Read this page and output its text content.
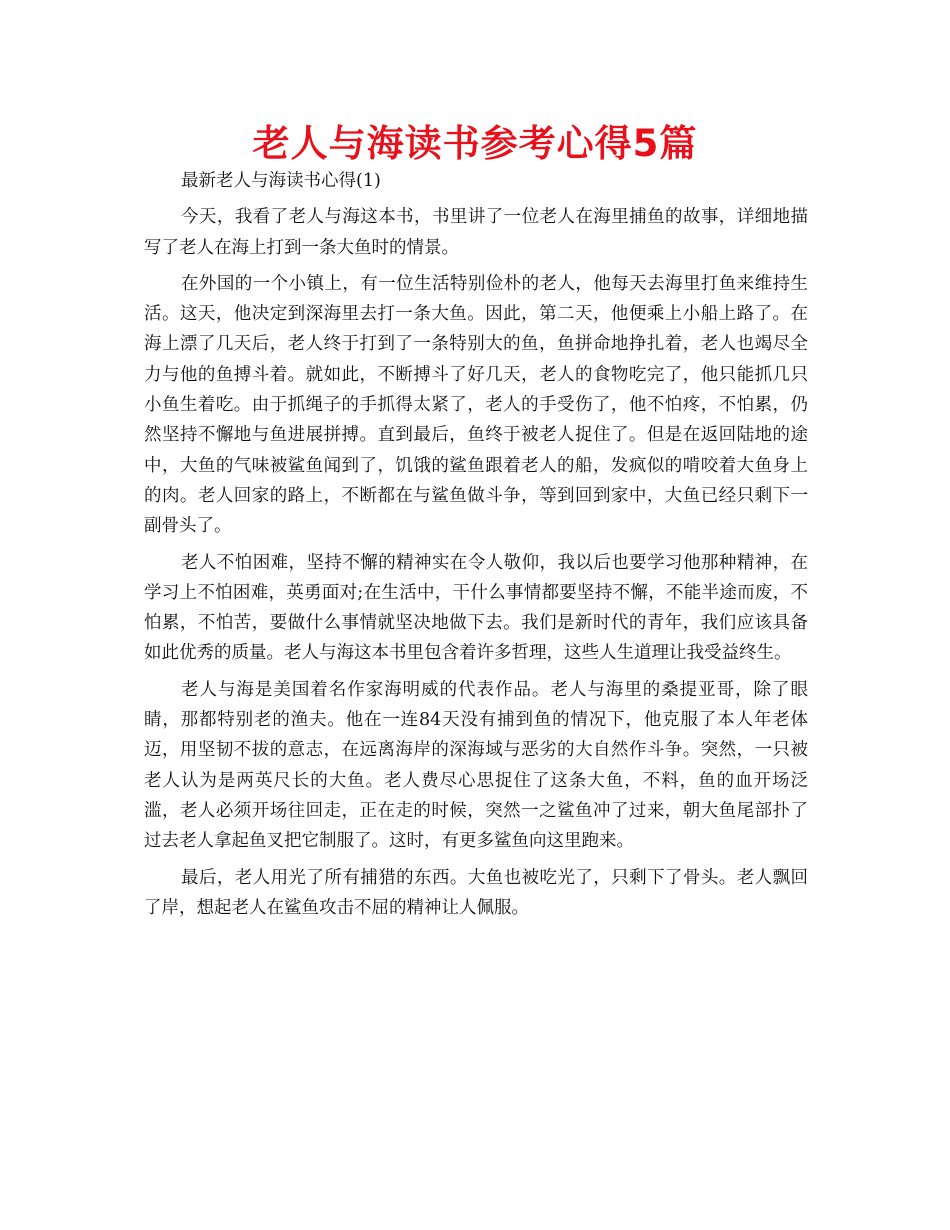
老人与海读书参考心得5篇

最新老人与海读书心得(1)

今天，我看了老人与海这本书，书里讲了一位老人在海里捕鱼的故事，详细地描写了老人在海上打到一条大鱼时的情景。

在外国的一个小镇上，有一位生活特别俭朴的老人，他每天去海里打鱼来维持生活。这天，他决定到深海里去打一条大鱼。因此，第二天，他便乘上小船上路了。在海上漂了几天后，老人终于打到了一条特别大的鱼，鱼拼命地挣扎着，老人也竭尽全力与他的鱼搏斗着。就如此，不断搏斗了好几天，老人的食物吃完了，他只能抓几只小鱼生着吃。由于抓绳子的手抓得太紧了，老人的手受伤了，他不怕疼，不怕累，仍然坚持不懈地与鱼进展拼搏。直到最后，鱼终于被老人捉住了。但是在返回陆地的途中，大鱼的气味被鲨鱼闻到了，饥饿的鲨鱼跟着老人的船，发疯似的啃咬着大鱼身上的肉。老人回家的路上，不断都在与鲨鱼做斗争，等到回到家中，大鱼已经只剩下一副骨头了。

老人不怕困难，坚持不懈的精神实在令人敬仰，我以后也要学习他那种精神，在学习上不怕困难，英勇面对;在生活中，干什么事情都要坚持不懈，不能半途而废，不怕累，不怕苦，要做什么事情就坚决地做下去。我们是新时代的青年，我们应该具备如此优秀的质量。老人与海这本书里包含着许多哲理，这些人生道理让我受益终生。

老人与海是美国着名作家海明威的代表作品。老人与海里的桑提亚哥，除了眼睛，那都特别老的渔夫。他在一连84天没有捕到鱼的情况下，他克服了本人年老体迈，用坚韧不拔的意志，在远离海岸的深海域与恶劣的大自然作斗争。突然，一只被老人认为是两英尺长的大鱼。老人费尽心思捉住了这条大鱼，不料，鱼的血开场泛滥，老人必须开场往回走，正在走的时候，突然一之鲨鱼冲了过来，朝大鱼尾部扑了过去老人拿起鱼叉把它制服了。这时，有更多鲨鱼向这里跑来。

最后，老人用光了所有捕猎的东西。大鱼也被吃光了，只剩下了骨头。老人飘回了岸，想起老人在鲨鱼攻击不屈的精神让人佩服。
